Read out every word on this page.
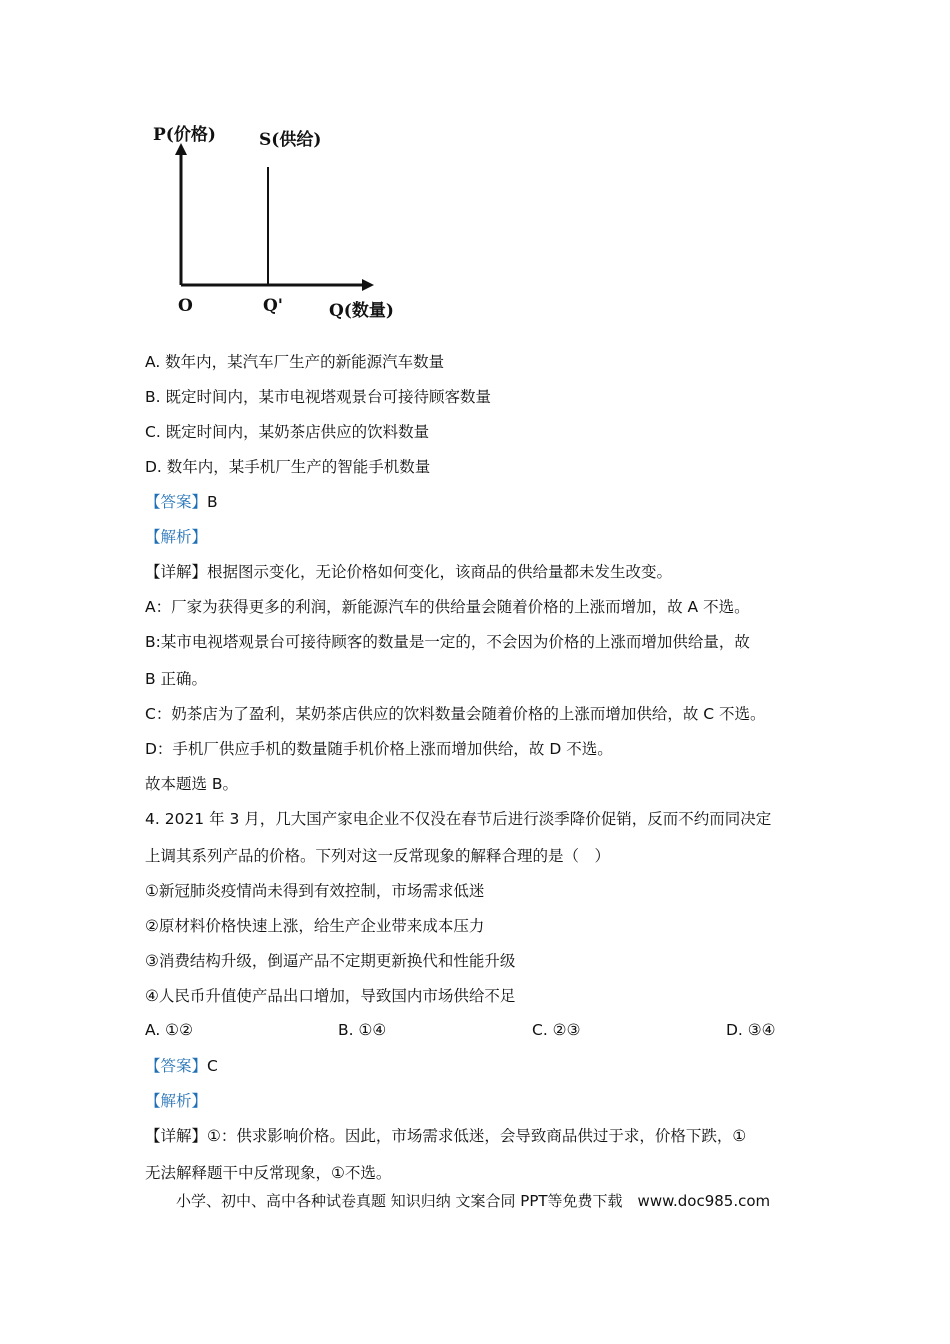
P(价格)	S(供给)
O	Q'	Q(数量)
A. 数年内，某汽车厂生产的新能源汽车数量
B. 既定时间内，某市电视塔观景台可接待顾客数量
C. 既定时间内，某奶茶店供应的饮料数量
D. 数年内，某手机厂生产的智能手机数量
【答案】B
【解析】
【详解】根据图示变化，无论价格如何变化，该商品的供给量都未发生改变。
A：厂家为获得更多的利润，新能源汽车的供给量会随着价格的上涨而增加，故 A 不选。
B:某市电视塔观景台可接待顾客的数量是一定的，不会因为价格的上涨而增加供给量，故
B 正确。
C：奶茶店为了盈利，某奶茶店供应的饮料数量会随着价格的上涨而增加供给，故 C 不选。
D：手机厂供应手机的数量随手机价格上涨而增加供给，故 D 不选。
故本题选 B。
4. 2021 年 3 月，几大国产家电企业不仅没在春节后进行淡季降价促销，反而不约而同决定
上调其系列产品的价格。下列对这一反常现象的解释合理的是（　）
①新冠肺炎疫情尚未得到有效控制，市场需求低迷
②原材料价格快速上涨，给生产企业带来成本压力
③消费结构升级，倒逼产品不定期更新换代和性能升级
④人民币升值使产品出口增加，导致国内市场供给不足
A. ①②	B. ①④	C. ②③	D. ③④
【答案】C
【解析】
【详解】①：供求影响价格。因此，市场需求低迷，会导致商品供过于求，价格下跌，①
无法解释题干中反常现象，①不选。
小学、初中、高中各种试卷真题 知识归纳 文案合同 PPT等免费下载　www.doc985.com
